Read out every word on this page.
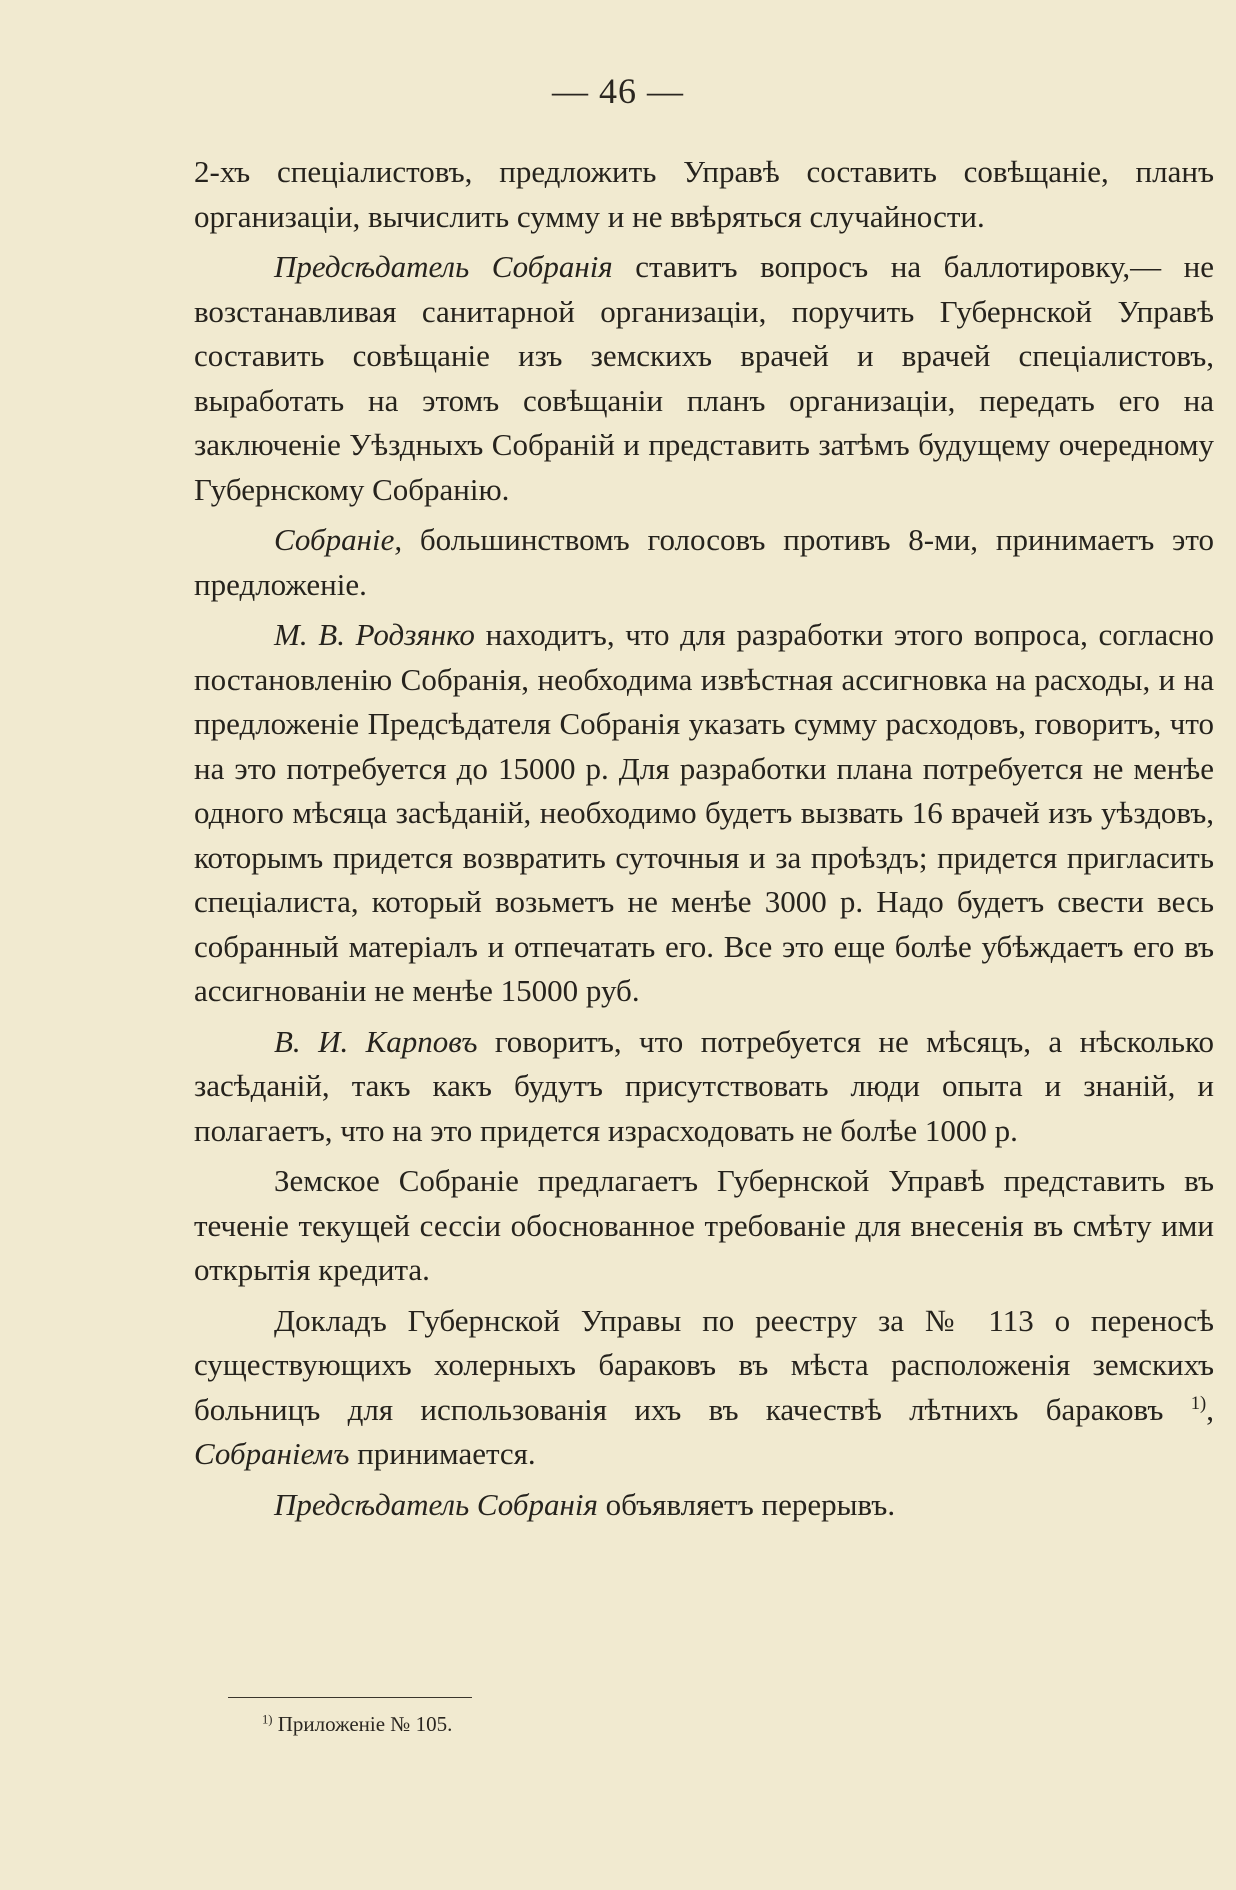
— 46 —

2-хъ спеціалистовъ, предложить Управѣ составить совѣщаніе, планъ организаціи, вычислить сумму и не ввѣряться случайности.

Предсѣдатель Собранія ставитъ вопросъ на баллотировку,— не возстанавливая санитарной организаціи, поручить Губернской Управѣ составить совѣщаніе изъ земскихъ врачей и врачей спеціалистовъ, выработать на этомъ совѣщаніи планъ организаціи, передать его на заключеніе Уѣздныхъ Собраній и представить затѣмъ будущему очередному Губернскому Собранію.

Собраніе, большинствомъ голосовъ противъ 8-ми, принимаетъ это предложеніе.

М. В. Родзянко находитъ, что для разработки этого вопроса, согласно постановленію Собранія, необходима извѣстная ассигновка на расходы, и на предложеніе Предсѣдателя Собранія указать сумму расходовъ, говоритъ, что на это потребуется до 15000 р. Для разработки плана потребуется не менѣе одного мѣсяца засѣданій, необходимо будетъ вызвать 16 врачей изъ уѣздовъ, которымъ придется возвратить суточныя и за проѣздъ; придется пригласить спеціалиста, который возьметъ не менѣе 3000 р. Надо будетъ свести весь собранный матеріалъ и отпечатать его. Все это еще болѣе убѣждаетъ его въ ассигнованіи не менѣе 15000 руб.

В. И. Карповъ говоритъ, что потребуется не мѣсяцъ, а нѣсколько засѣданій, такъ какъ будутъ присутствовать люди опыта и знаній, и полагаетъ, что на это придется израсходовать не болѣе 1000 р.

Земское Собраніе предлагаетъ Губернской Управѣ представить въ теченіе текущей сессіи обоснованное требованіе для внесенія въ смѣту ими открытія кредита.

Докладъ Губернской Управы по реестру за № 113 о переносѣ существующихъ холерныхъ бараковъ въ мѣста расположенія земскихъ больницъ для использованія ихъ въ качествѣ лѣтнихъ бараковъ $^{1)}$, Собраніемъ принимается.

Предсѣдатель Собранія объявляетъ перерывъ.

$^{1)}$ Приложеніе № 105.
